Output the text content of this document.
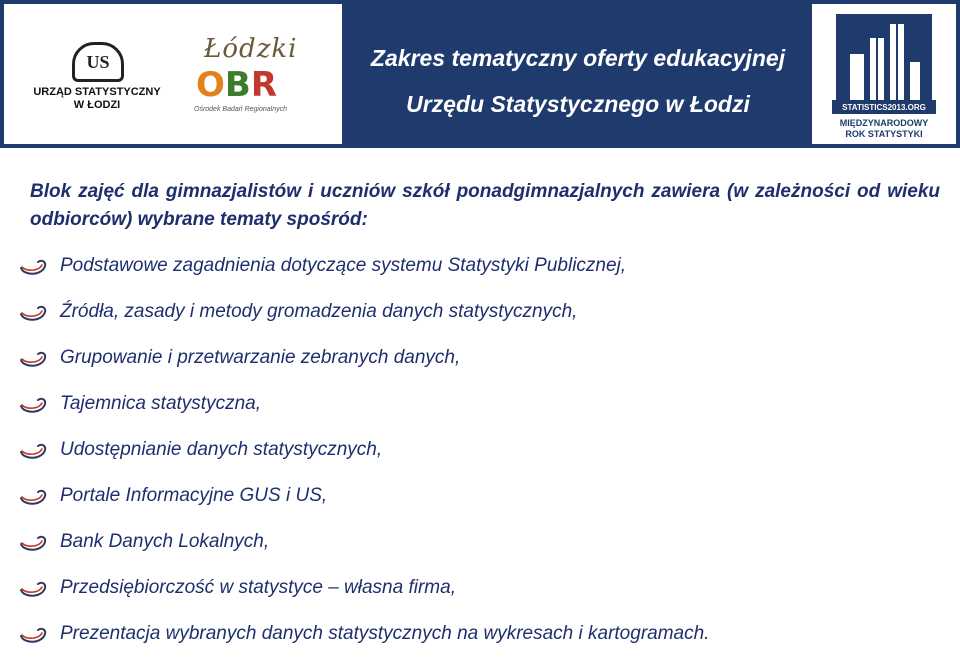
US
URZĄD STATYSTYCZNY
W ŁODZI
Łódzki
O B R
Ośrodek Badań Regionalnych
Zakres tematyczny oferty edukacyjnej
Urzędu Statystycznego w Łodzi	STATISTICS2013.ORG
MIĘDZYNARODOWY
ROK STATYSTYKI
Blok zajęć dla gimnazjalistów i uczniów szkół ponadgimnazjalnych zawiera (w zależności od wieku odbiorców) wybrane tematy spośród:
Podstawowe zagadnienia dotyczące systemu Statystyki Publicznej,
Źródła, zasady i metody gromadzenia danych statystycznych,
Grupowanie i przetwarzanie zebranych danych,
Tajemnica statystyczna,
Udostępnianie danych statystycznych,
Portale Informacyjne GUS i US,
Bank Danych Lokalnych,
Przedsiębiorczość w statystyce – własna firma,
Prezentacja wybranych danych statystycznych na wykresach i kartogramach.
